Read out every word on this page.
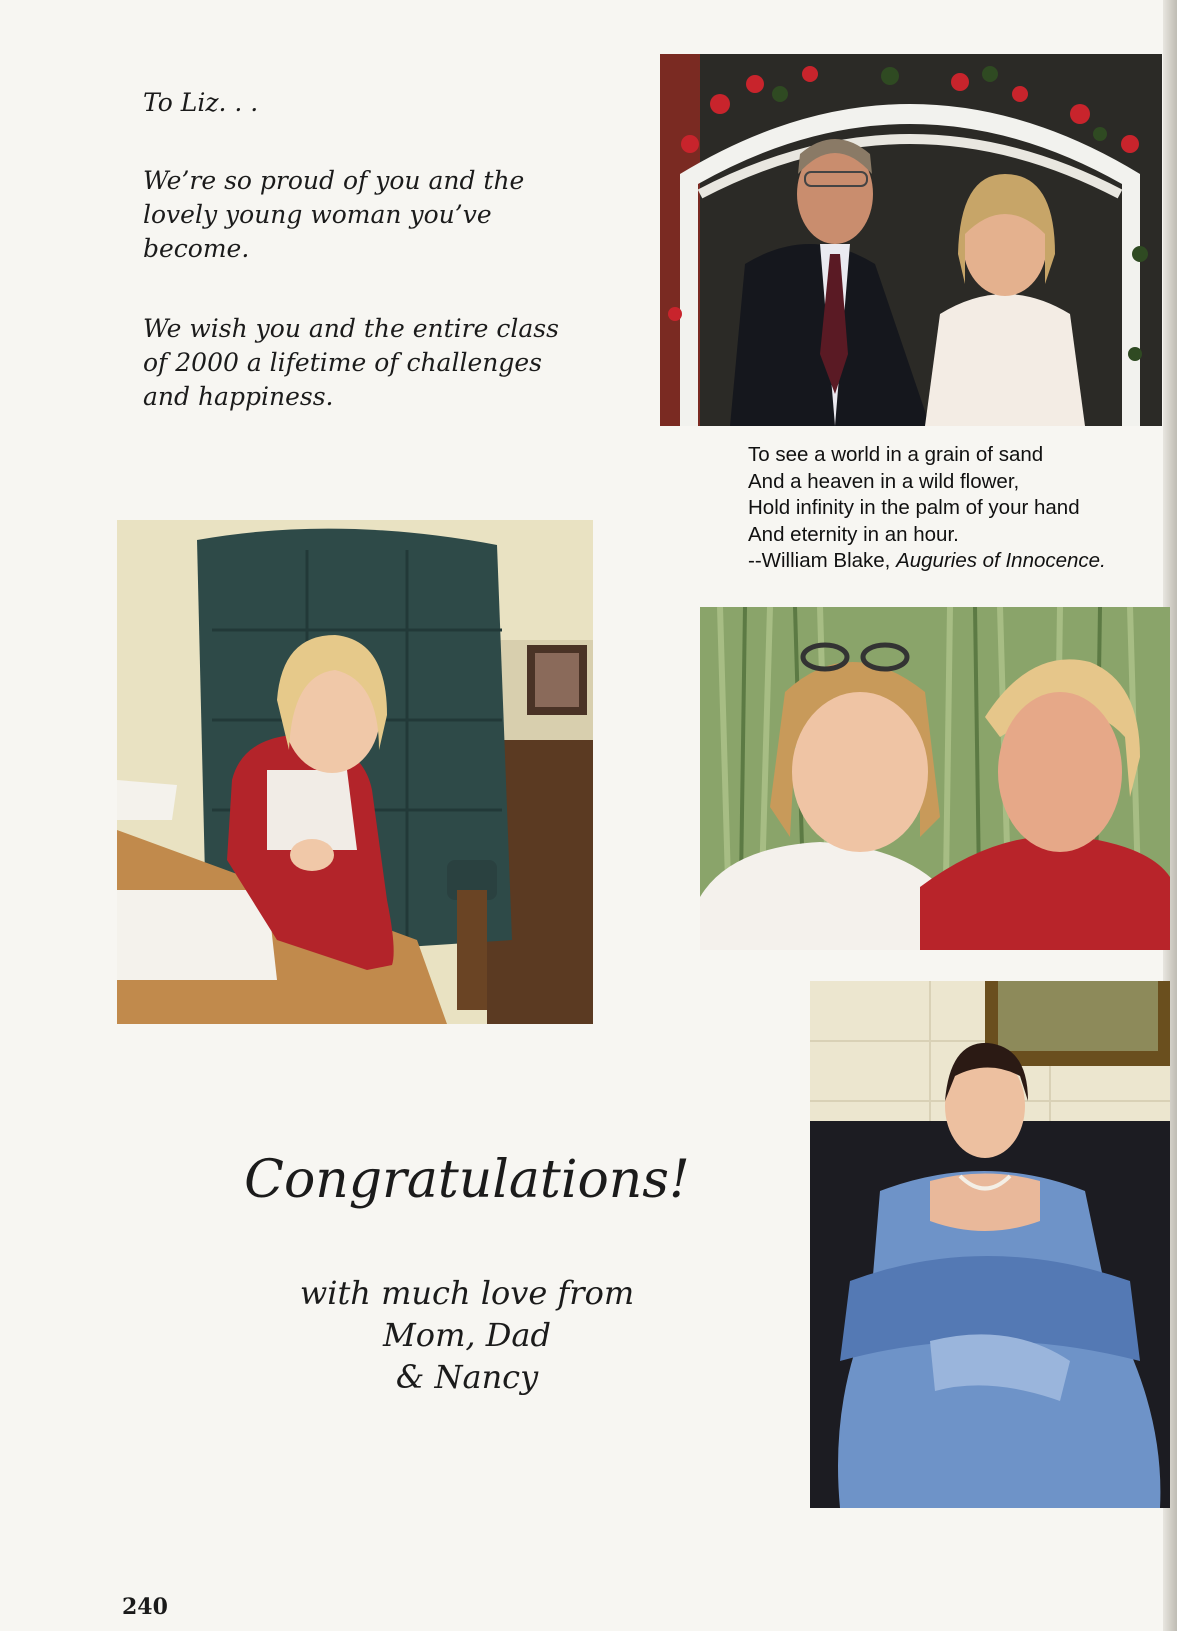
To Liz. . .

We’re so proud of you and the lovely young woman you’ve become.

We wish you and the entire class of 2000 a lifetime of challenges and happiness.

To see a world in a grain of sand
And a heaven in a wild flower,
Hold infinity in the palm of your hand
And eternity in an hour.
--William Blake, Auguries of Innocence.
Congratulations!
with much love from
Mom, Dad
& Nancy
240
